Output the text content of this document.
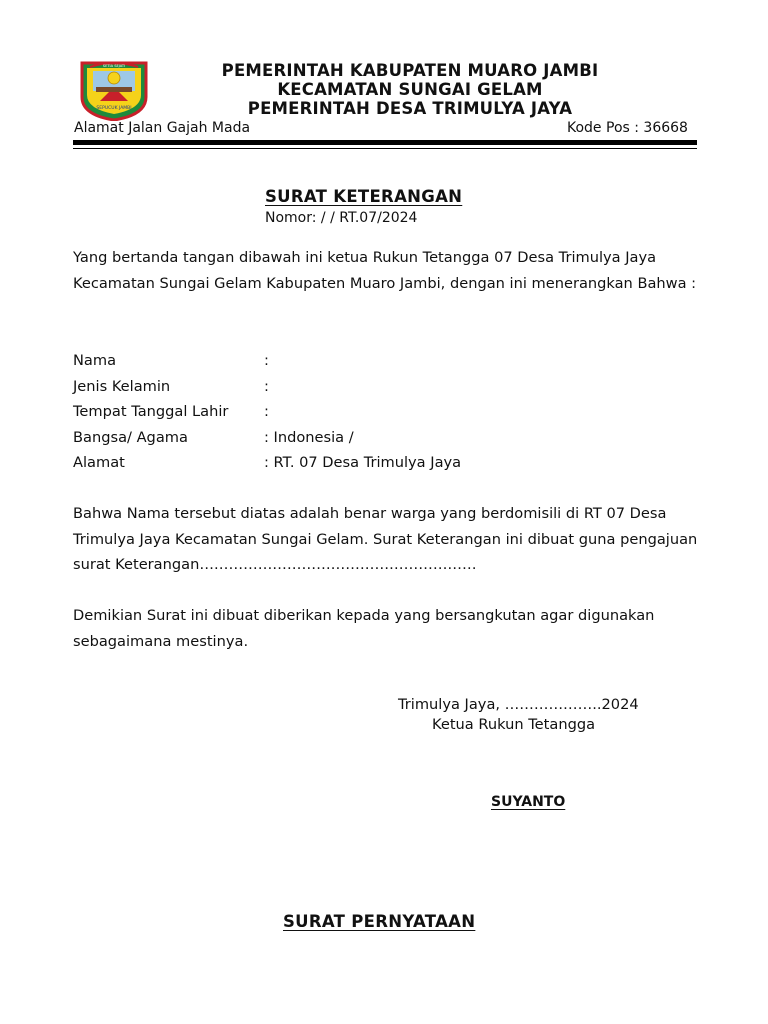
SEPUCUK JAMBI
SETIA SEJATI	PEMERINTAH KABUPATEN MUARO JAMBI
KECAMATAN SUNGAI GELAM
PEMERINTAH DESA TRIMULYA JAYA
Alamat Jalan Gajah Mada	Kode Pos : 36668
SURAT KETERANGAN
Nomor: / / RT.07/2024

Yang bertanda tangan dibawah ini ketua Rukun Tetangga 07 Desa Trimulya Jaya Kecamatan Sungai Gelam Kabupaten Muaro Jambi, dengan ini menerangkan Bahwa :

Nama	:
Jenis Kelamin	:
Tempat Tanggal Lahir :
Bangsa/ Agama	: Indonesia /
Alamat	: RT. 07 Desa Trimulya Jaya

Bahwa Nama tersebut diatas adalah benar warga yang berdomisili di RT 07 Desa Trimulya Jaya Kecamatan Sungai Gelam. Surat Keterangan ini dibuat guna pengajuan surat Keterangan…………………………………………………

Demikian Surat ini dibuat diberikan kepada yang bersangkutan agar digunakan sebagaimana mestinya.

Trimulya Jaya, ………………..2024
Ketua Rukun Tetangga
SUYANTO
SURAT PERNYATAAN
